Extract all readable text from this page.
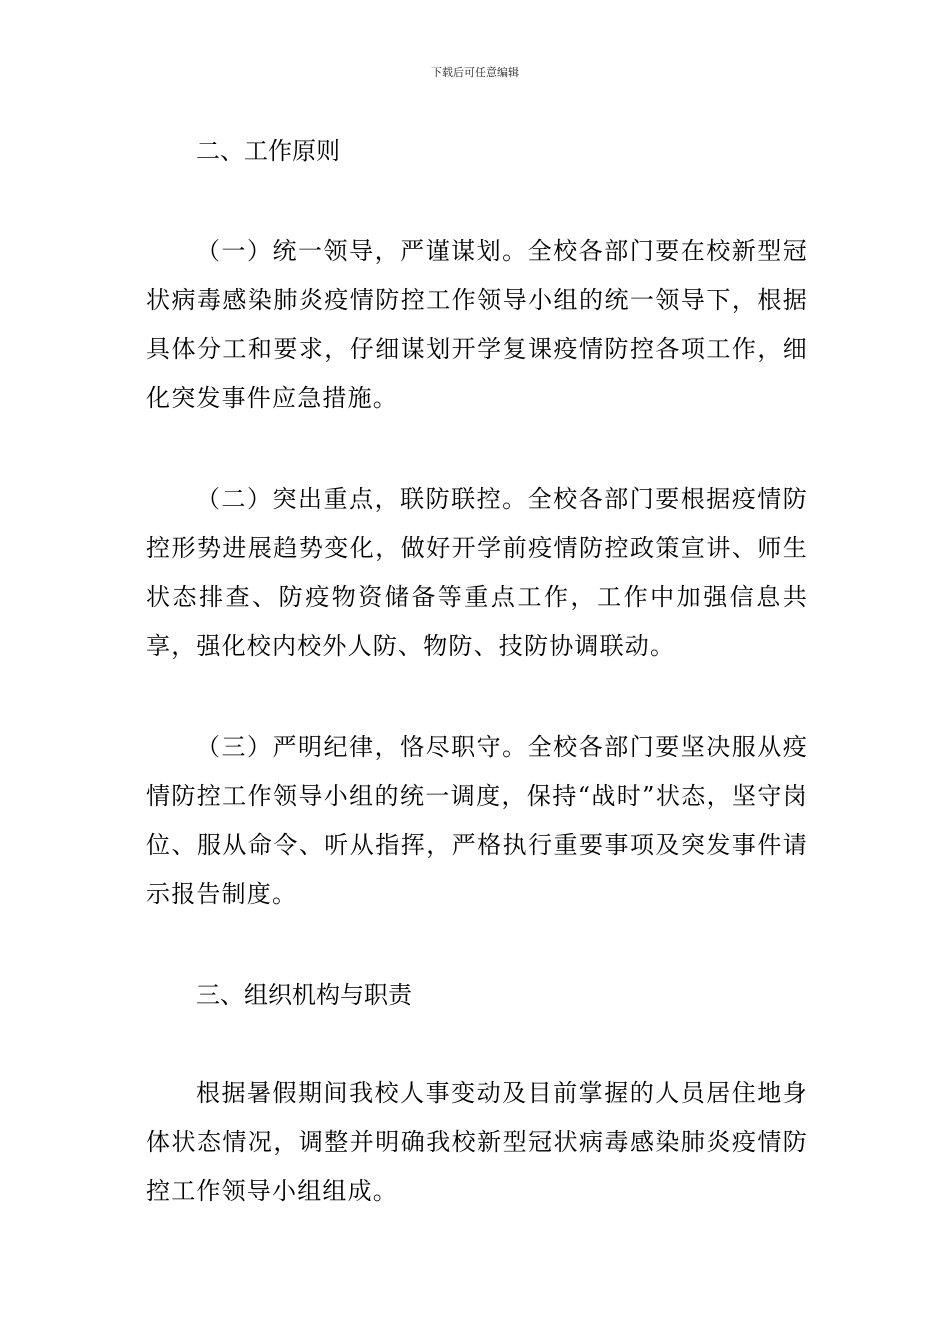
下载后可任意编辑
二、工作原则

（一）统一领导，严谨谋划。全校各部门要在校新型冠状病毒感染肺炎疫情防控工作领导小组的统一领导下，根据具体分工和要求，仔细谋划开学复课疫情防控各项工作，细化突发事件应急措施。

（二）突出重点，联防联控。全校各部门要根据疫情防控形势进展趋势变化，做好开学前疫情防控政策宣讲、师生状态排查、防疫物资储备等重点工作，工作中加强信息共享，强化校内校外人防、物防、技防协调联动。

（三）严明纪律，恪尽职守。全校各部门要坚决服从疫情防控工作领导小组的统一调度，保持“战时”状态，坚守岗位、服从命令、听从指挥，严格执行重要事项及突发事件请示报告制度。

三、组织机构与职责

根据暑假期间我校人事变动及目前掌握的人员居住地身体状态情况，调整并明确我校新型冠状病毒感染肺炎疫情防控工作领导小组组成。
